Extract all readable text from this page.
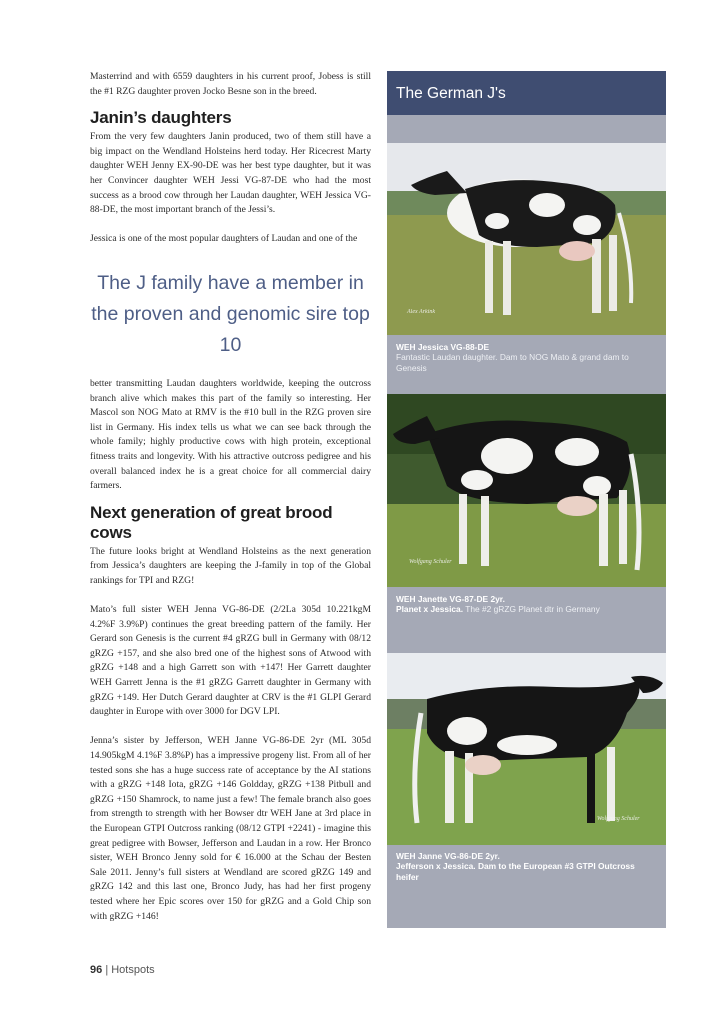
Masterrind and with 6559 daughters in his current proof, Jobess is still the #1 RZG daughter proven Jocko Besne son in the breed.

Janin’s daughters

From the very few daughters Janin produced, two of them still have a big impact on the Wendland Holsteins herd today. Her Ricecrest Marty daughter WEH Jenny EX-90-DE was her best type daughter, but it was her Convincer daughter WEH Jessi VG-87-DE who had the most success as a brood cow through her Laudan daughter, WEH Jessica VG-88-DE, the most important branch of the Jessi’s.

Jessica is one of the most popular daughters of Laudan and one of the

The J family have a member in the proven and genomic sire top 10

better transmitting Laudan daughters worldwide, keeping the outcross branch alive which makes this part of the family so interesting. Her Mascol son NOG Mato at RMV is the #10 bull in the RZG proven sire list in Germany. His index tells us what we can see back through the whole family; highly productive cows with high protein, exceptional fitness traits and longevity. With his attractive outcross pedigree and his overall balanced index he is a great choice for all commercial dairy farmers.

Next generation of great brood cows

The future looks bright at Wendland Holsteins as the next generation from Jessica’s daughters are keeping the J-family in top of the Global rankings for TPI and RZG!

Mato’s full sister WEH Jenna VG-86-DE (2/2La 305d 10.221kgM 4.2%F 3.9%P) continues the great breeding pattern of the family. Her Gerard son Genesis is the current #4 gRZG bull in Germany with 08/12 gRZG +157, and she also bred one of the highest sons of Atwood with gRZG +148 and a high Garrett son with +147! Her Garrett daughter WEH Garrett Jenna is the #1 gRZG Garrett daughter in Germany with gRZG +149. Her Dutch Gerard daughter at CRV is the #1 GLPI Gerard daughter in Europe with over 3000 for DGV LPI.

Jenna’s sister by Jefferson, WEH Janne VG-86-DE 2yr (ML 305d 14.905kgM 4.1%F 3.8%P) has a impressive progeny list. From all of her tested sons she has a huge success rate of acceptance by the AI stations with a gRZG +148 Iota, gRZG +146 Goldday, gRZG +138 Pitbull and gRZG +150 Shamrock, to name just a few! The female branch also goes from strength to strength with her Bowser dtr WEH Jane at 3rd place in the European GTPI Outcross ranking (08/12 GTPI +2241) - imagine this great pedigree with Bowser, Jefferson and Laudan in a row. Her Bronco sister, WEH Bronco Jenny sold for € 16.000 at the Schau der Besten Sale 2011. Jenny’s full sisters at Wendland are scored gRZG 149 and gRZG 142 and this last one, Bronco Judy, has had her first progeny tested where her Epic scores over 150 for gRZG and a Gold Chip son with gRZG +146!

The German J's
Alex Arkink
WEH Jessica VG-88-DE
Fantastic Laudan daughter. Dam to NOG Mato & grand dam to Genesis
Wolfgang Schuler
WEH Janette VG-87-DE 2yr.
Planet x Jessica. The #2 gRZG Planet dtr in Germany
Wolfgang Schuler
WEH Janne VG-86-DE 2yr.
Jefferson x Jessica. Dam to the European #3 GTPI Outcross heifer
96 | Hotspots
